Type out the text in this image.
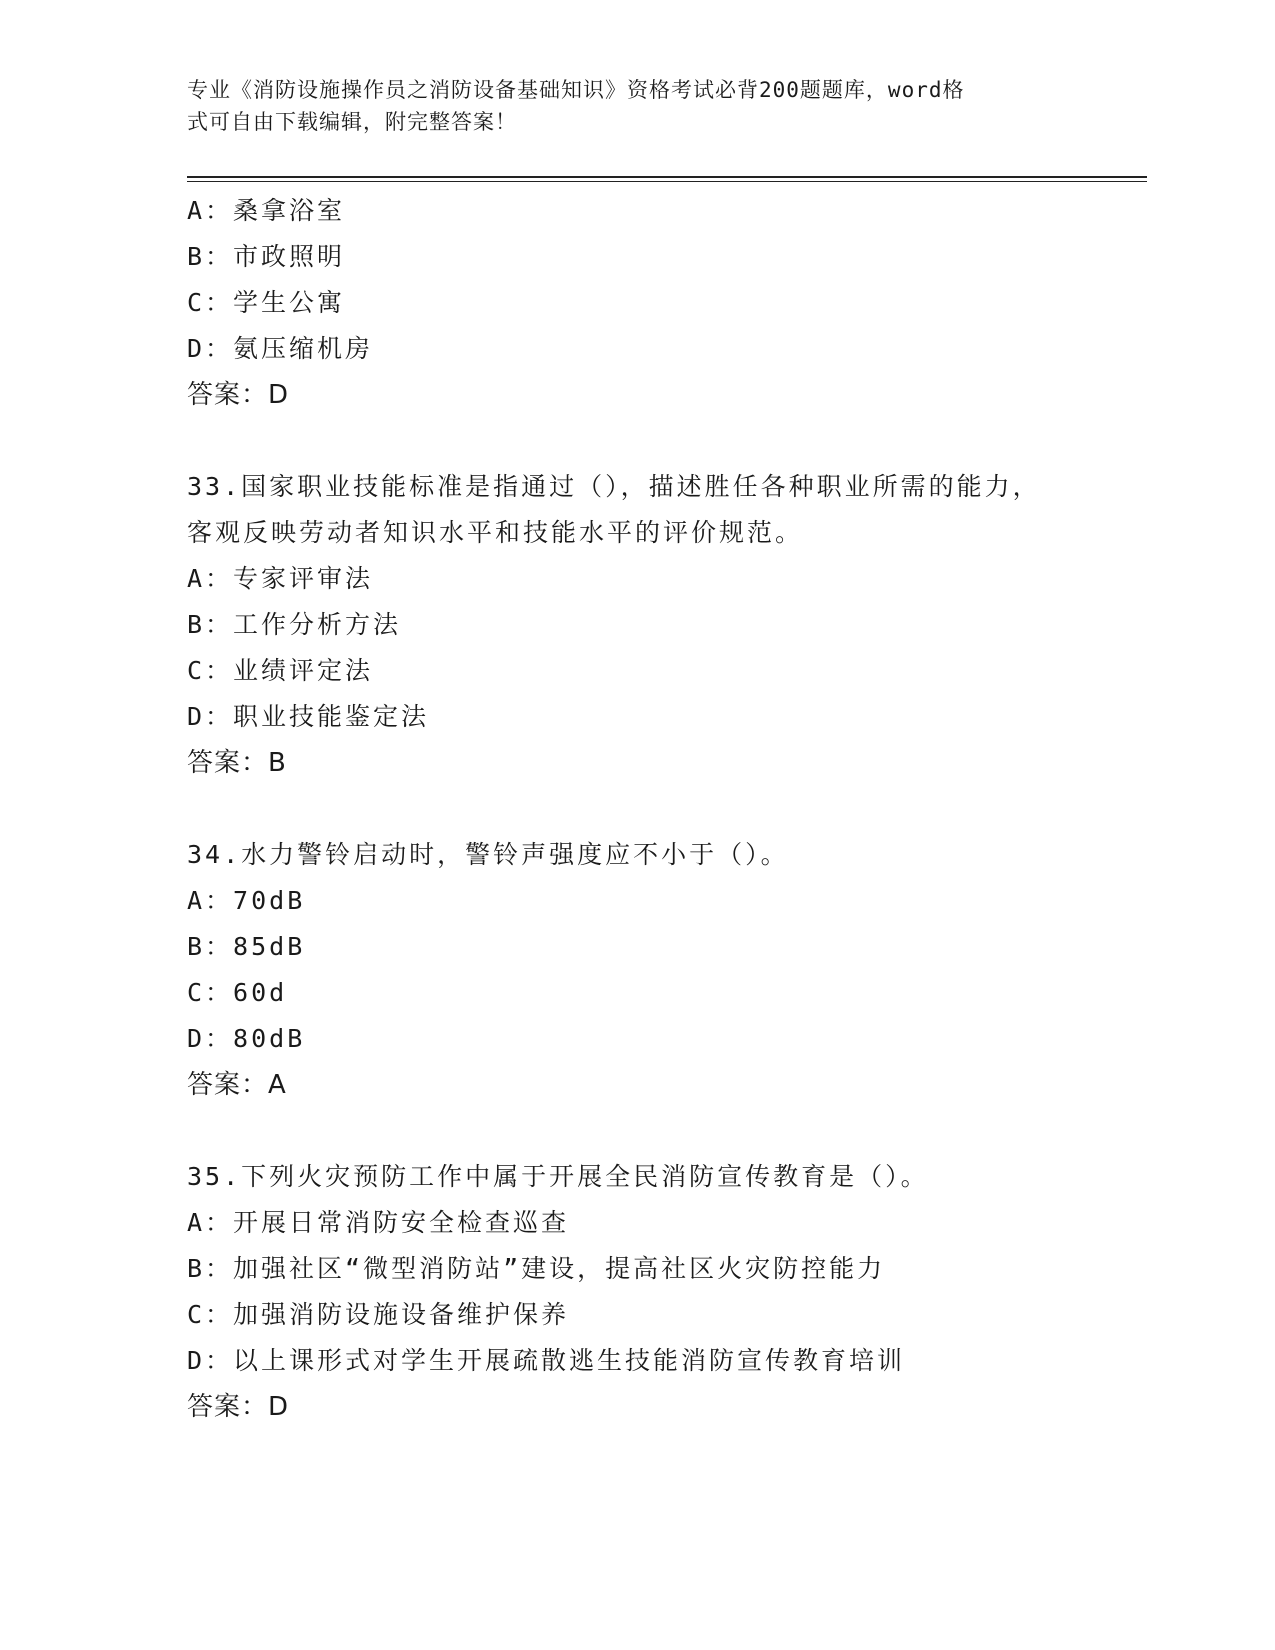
专业《消防设施操作员之消防设备基础知识》资格考试必背200题题库，word格
式可自由下载编辑，附完整答案！
A：桑拿浴室
B：市政照明
C：学生公寓
D：氨压缩机房
答案：D
33.国家职业技能标准是指通过（），描述胜任各种职业所需的能力，
客观反映劳动者知识水平和技能水平的评价规范。
A：专家评审法
B：工作分析方法
C：业绩评定法
D：职业技能鉴定法
答案：B
34.水力警铃启动时，警铃声强度应不小于（）。
A：70dB
B：85dB
C：60d
D：80dB
答案：A
35.下列火灾预防工作中属于开展全民消防宣传教育是（）。
A：开展日常消防安全检查巡查
B：加强社区“微型消防站”建设，提高社区火灾防控能力
C：加强消防设施设备维护保养
D：以上课形式对学生开展疏散逃生技能消防宣传教育培训
答案：D
